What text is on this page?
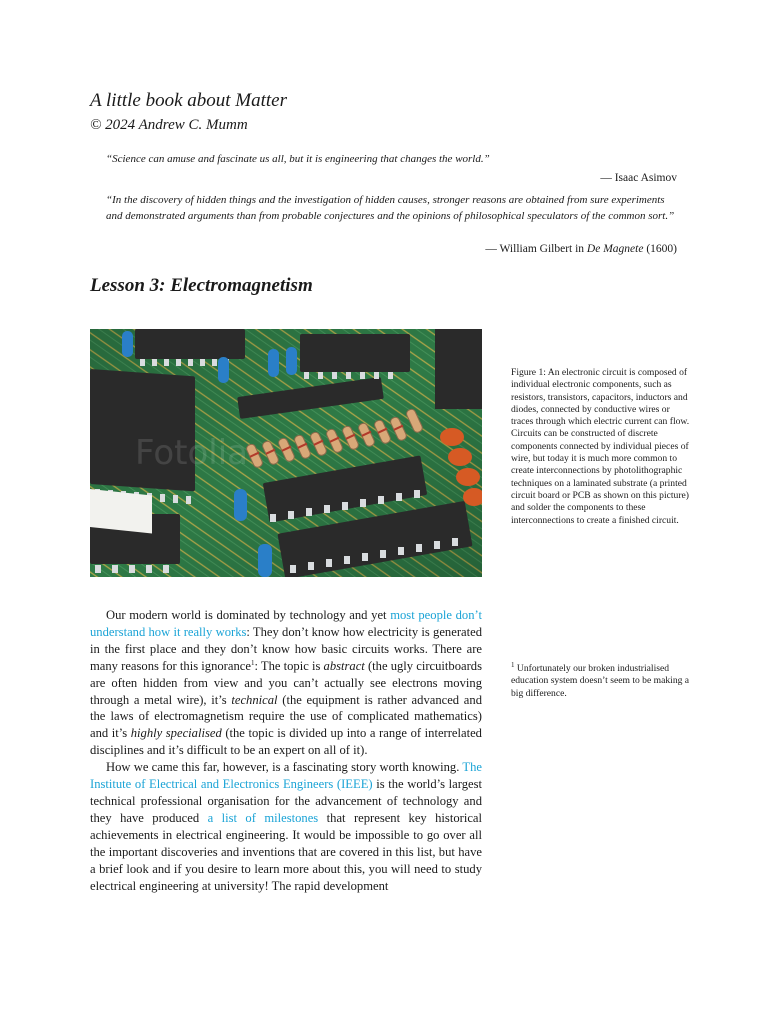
A little book about Matter
© 2024 Andrew C. Mumm
“Science can amuse and fascinate us all, but it is engineering that changes the world.”
— Isaac Asimov
“In the discovery of hidden things and the investigation of hidden causes, stronger reasons are obtained from sure experiments and demonstrated arguments than from probable conjectures and the opinions of philosophical speculators of the common sort.”
— William Gilbert in De Magnete (1600)
Lesson 3: Electromagnetism
Fotolia
Figure 1: An electronic circuit is composed of individual electronic components, such as resistors, transistors, capacitors, inductors and diodes, connected by conductive wires or traces through which electric current can flow. Circuits can be constructed of discrete components connected by individual pieces of wire, but today it is much more common to create interconnections by photolithographic techniques on a laminated substrate (a printed circuit board or PCB as shown on this picture) and solder the components to these interconnections to create a finished circuit.
$^1$ Unfortunately our broken industrialised education system doesn’t seem to be making a big difference.

Our modern world is dominated by technology and yet most people don’t understand how it really works: They don’t know how electricity is generated in the first place and they don’t know how basic circuits works. There are many reasons for this ignorance$^1$: The topic is abstract (the ugly circuitboards are often hidden from view and you can’t actually see electrons moving through a metal wire), it’s technical (the equipment is rather advanced and the laws of electromagnetism require the use of complicated mathematics) and it’s highly specialised (the topic is divided up into a range of interrelated disciplines and it’s difficult to be an expert on all of it).

How we came this far, however, is a fascinating story worth knowing. The Institute of Electrical and Electronics Engineers (IEEE) is the world’s largest technical professional organisation for the advancement of technology and they have produced a list of milestones that represent key historical achievements in electrical engineering. It would be impossible to go over all the important discoveries and inventions that are covered in this list, but have a brief look and if you desire to learn more about this, you will need to study electrical engineering at university! The rapid development
